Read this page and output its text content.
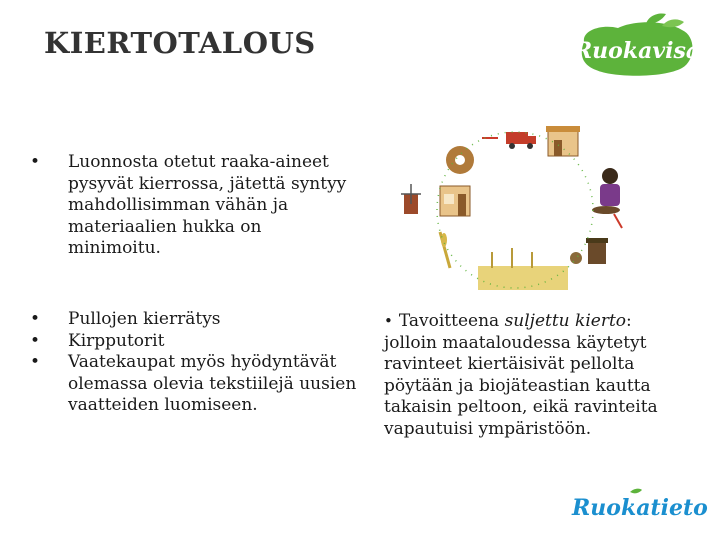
KIERTOTALOUS	Ruokavisa
• Luonnosta otetut raaka-aineet pysyvät kierrossa, jätettä syntyy mahdollisimman vähän ja materiaalien hukka on minimoitu.
• Pullojen kierrätys
• Kirpputorit
• Vaatekaupat myös hyödyntävät olemassa olevia tekstiilejä uusien vaatteiden luomiseen.
• Tavoitteena suljettu kierto: jolloin maataloudessa käytetyt ravinteet kiertäisivät pellolta pöytään ja biojäteastian kautta takaisin peltoon, eikä ravinteita vapautuisi ympäristöön.
Ruokatieto
